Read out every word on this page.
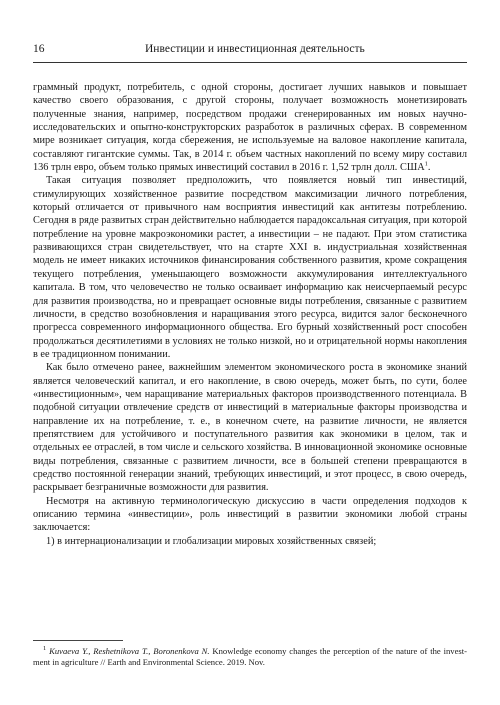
16	Инвестиции и инвестиционная деятельность

граммный продукт, потребитель, с одной стороны, достигает лучших навыков и повышает качество своего образования, с другой стороны, получает возможность монетизировать полученные знания, например, посредством продажи сгенерированных им новых научно-исследовательских и опытно-конструкторских разработок в различных сферах. В современном мире возникает ситуация, когда сбережения, не используемые на валовое накопление капитала, составляют гигантские суммы. Так, в 2014 г. объем частных накоплений по всему миру составил 136 трлн евро, объем только прямых инвестиций составил в 2016 г. 1,52 трлн долл. США$^1$.

Такая ситуация позволяет предположить, что появляется новый тип инвестиций, стимулирующих хозяйственное развитие посредством максимизации личного потребления, который отличается от привычного нам восприятия инвестиций как антитезы потреблению. Сегодня в ряде развитых стран действительно наблюдается парадоксальная ситуация, при которой потребление на уровне макроэкономики растет, а инвестиции – не падают. При этом статистика развивающихся стран свидетельствует, что на старте XXI в. индустриальная хозяйственная модель не имеет никаких источников финансирования собственного развития, кроме сокращения текущего потребления, уменьшающего возможности аккумулирования интеллектуального капитала. В том, что человечество не только осваивает информацию как неисчерпаемый ресурс для развития производства, но и превращает основные виды потребления, связанные с развитием личности, в средство возобновления и наращивания этого ресурса, видится залог бесконечного прогресса современного информационного общества. Его бурный хозяйственный рост способен продолжаться десятилетиями в условиях не только низкой, но и отрицательной нормы накопления в ее традиционном понимании.

Как было отмечено ранее, важнейшим элементом экономического роста в экономике знаний является человеческий капитал, и его накопление, в свою очередь, может быть, по сути, более «инвестиционным», чем наращивание материальных факторов производственного потенциала. В подобной ситуации отвлечение средств от инвестиций в материальные факторы производства и направление их на потребление, т. е., в конечном счете, на развитие личности, не является препятствием для устойчивого и поступательного развития как экономики в целом, так и отдельных ее отраслей, в том числе и сельского хозяйства. В инновационной экономике основные виды потребления, связанные с развитием личности, все в большей степени превращаются в средство постоянной генерации знаний, требующих инвестиций, и этот процесс, в свою очередь, раскрывает безграничные возможности для развития.

Несмотря на активную терминологическую дискуссию в части определения подходов к описанию термина «инвестиции», роль инвестиций в развитии экономики любой страны заключается:

1) в интернационализации и глобализации мировых хозяйственных связей;

$^1$ Kuvaeva Y., Reshetnikova T., Boronenkova N. Knowledge economy changes the perception of the nature of the invest-ment in agriculture // Earth and Environmental Science. 2019. Nov.
